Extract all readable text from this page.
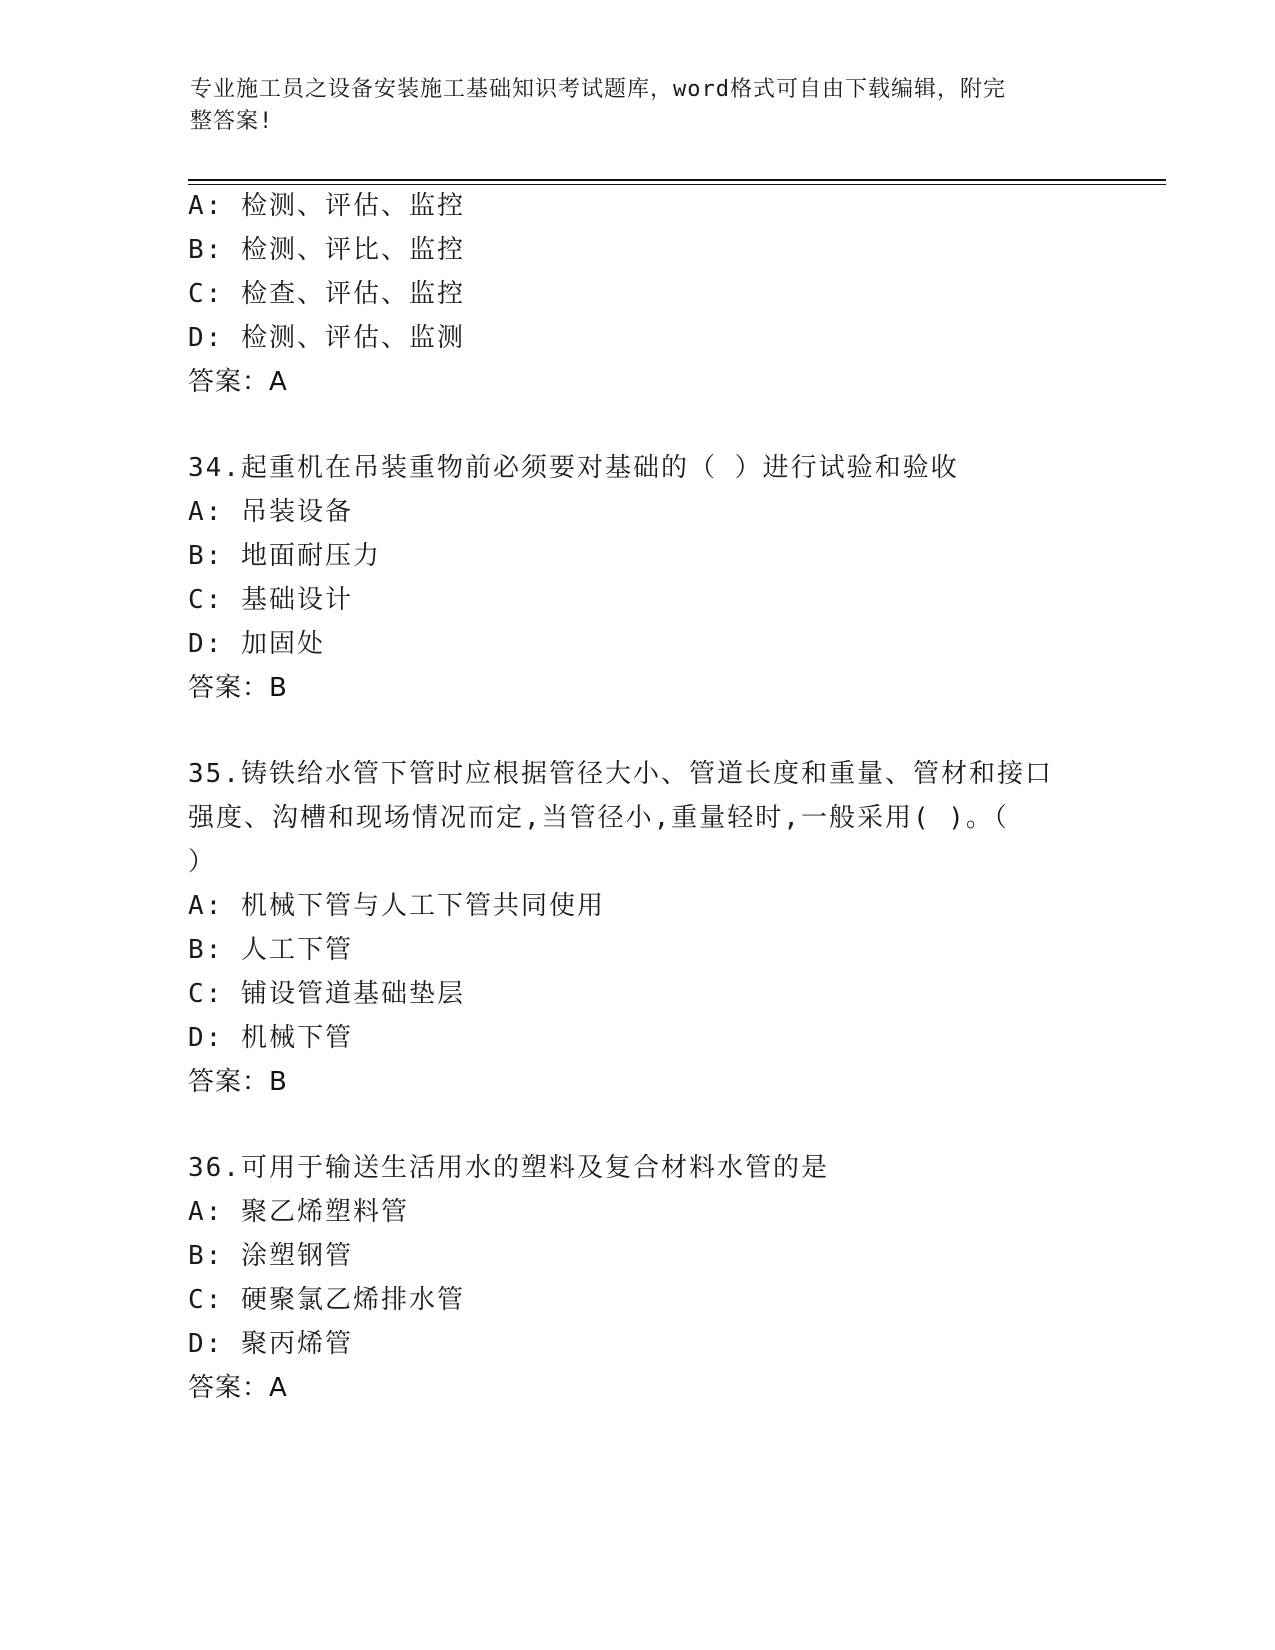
专业施工员之设备安装施工基础知识考试题库，word格式可自由下载编辑，附完
整答案!
A: 检测、评估、监控
B: 检测、评比、监控
C: 检查、评估、监控
D: 检测、评估、监测
答案：A
34.起重机在吊装重物前必须要对基础的（ ）进行试验和验收
A: 吊装设备
B: 地面耐压力
C: 基础设计
D: 加固处
答案：B
35.铸铁给水管下管时应根据管径大小、管道长度和重量、管材和接口
强度、沟槽和现场情况而定,当管径小,重量轻时,一般采用( )。（
）
A: 机械下管与人工下管共同使用
B: 人工下管
C: 铺设管道基础垫层
D: 机械下管
答案：B
36.可用于输送生活用水的塑料及复合材料水管的是
A: 聚乙烯塑料管
B: 涂塑钢管
C: 硬聚氯乙烯排水管
D: 聚丙烯管
答案：A
